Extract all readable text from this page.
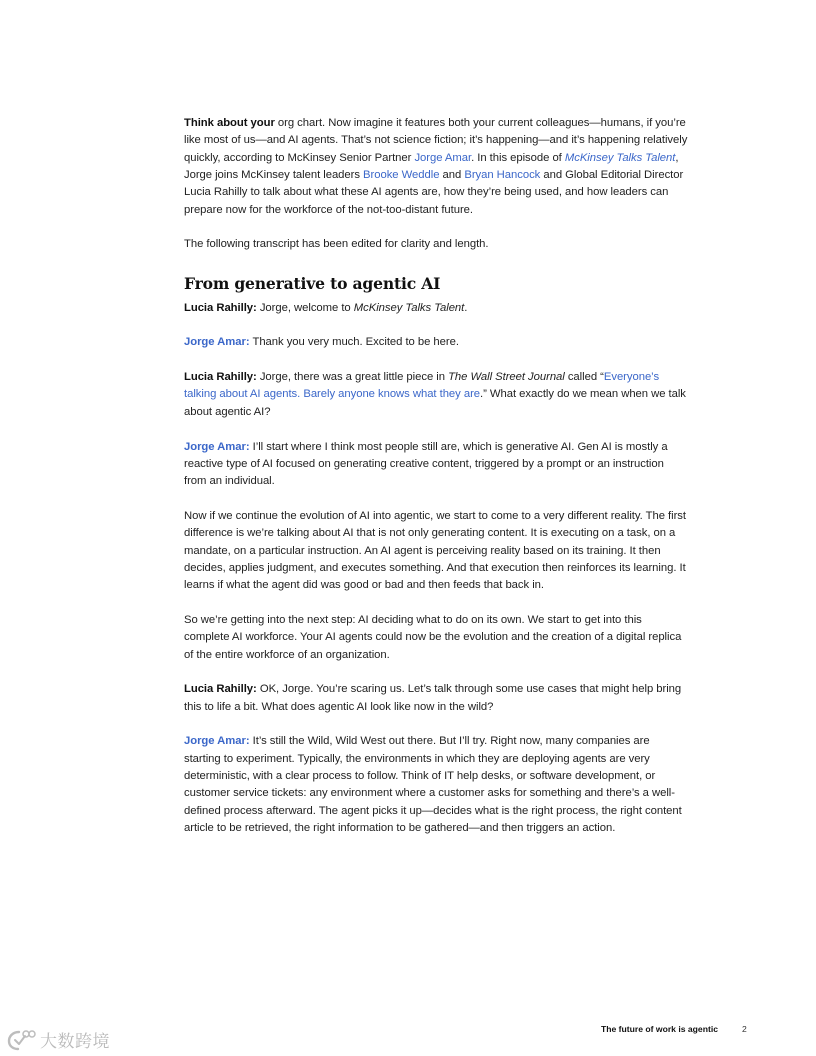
Think about your org chart. Now imagine it features both your current colleagues—humans, if you’re like most of us—and AI agents. That’s not science fiction; it’s happening—and it’s happening relatively quickly, according to McKinsey Senior Partner Jorge Amar. In this episode of McKinsey Talks Talent, Jorge joins McKinsey talent leaders Brooke Weddle and Bryan Hancock and Global Editorial Director Lucia Rahilly to talk about what these AI agents are, how they’re being used, and how leaders can prepare now for the workforce of the not-too-distant future.

The following transcript has been edited for clarity and length.

From generative to agentic AI

Lucia Rahilly: Jorge, welcome to McKinsey Talks Talent.

Jorge Amar: Thank you very much. Excited to be here.

Lucia Rahilly: Jorge, there was a great little piece in The Wall Street Journal called “Everyone’s talking about AI agents. Barely anyone knows what they are.” What exactly do we mean when we talk about agentic AI?

Jorge Amar: I’ll start where I think most people still are, which is generative AI. Gen AI is mostly a reactive type of AI focused on generating creative content, triggered by a prompt or an instruction from an individual.

Now if we continue the evolution of AI into agentic, we start to come to a very different reality. The first difference is we’re talking about AI that is not only generating content. It is executing on a task, on a mandate, on a particular instruction. An AI agent is perceiving reality based on its training. It then decides, applies judgment, and executes something. And that execution then reinforces its learning. It learns if what the agent did was good or bad and then feeds that back in.

So we’re getting into the next step: AI deciding what to do on its own. We start to get into this complete AI workforce. Your AI agents could now be the evolution and the creation of a digital replica of the entire workforce of an organization.

Lucia Rahilly: OK, Jorge. You’re scaring us. Let’s talk through some use cases that might help bring this to life a bit. What does agentic AI look like now in the wild?

Jorge Amar: It’s still the Wild, Wild West out there. But I’ll try. Right now, many companies are starting to experiment. Typically, the environments in which they are deploying agents are very deterministic, with a clear process to follow. Think of IT help desks, or software development, or customer service tickets: any environment where a customer asks for something and there’s a well-defined process afterward. The agent picks it up—decides what is the right process, the right content article to be retrieved, the right information to be gathered—and then triggers an action.

The future of work is agentic	2
大数跨境
